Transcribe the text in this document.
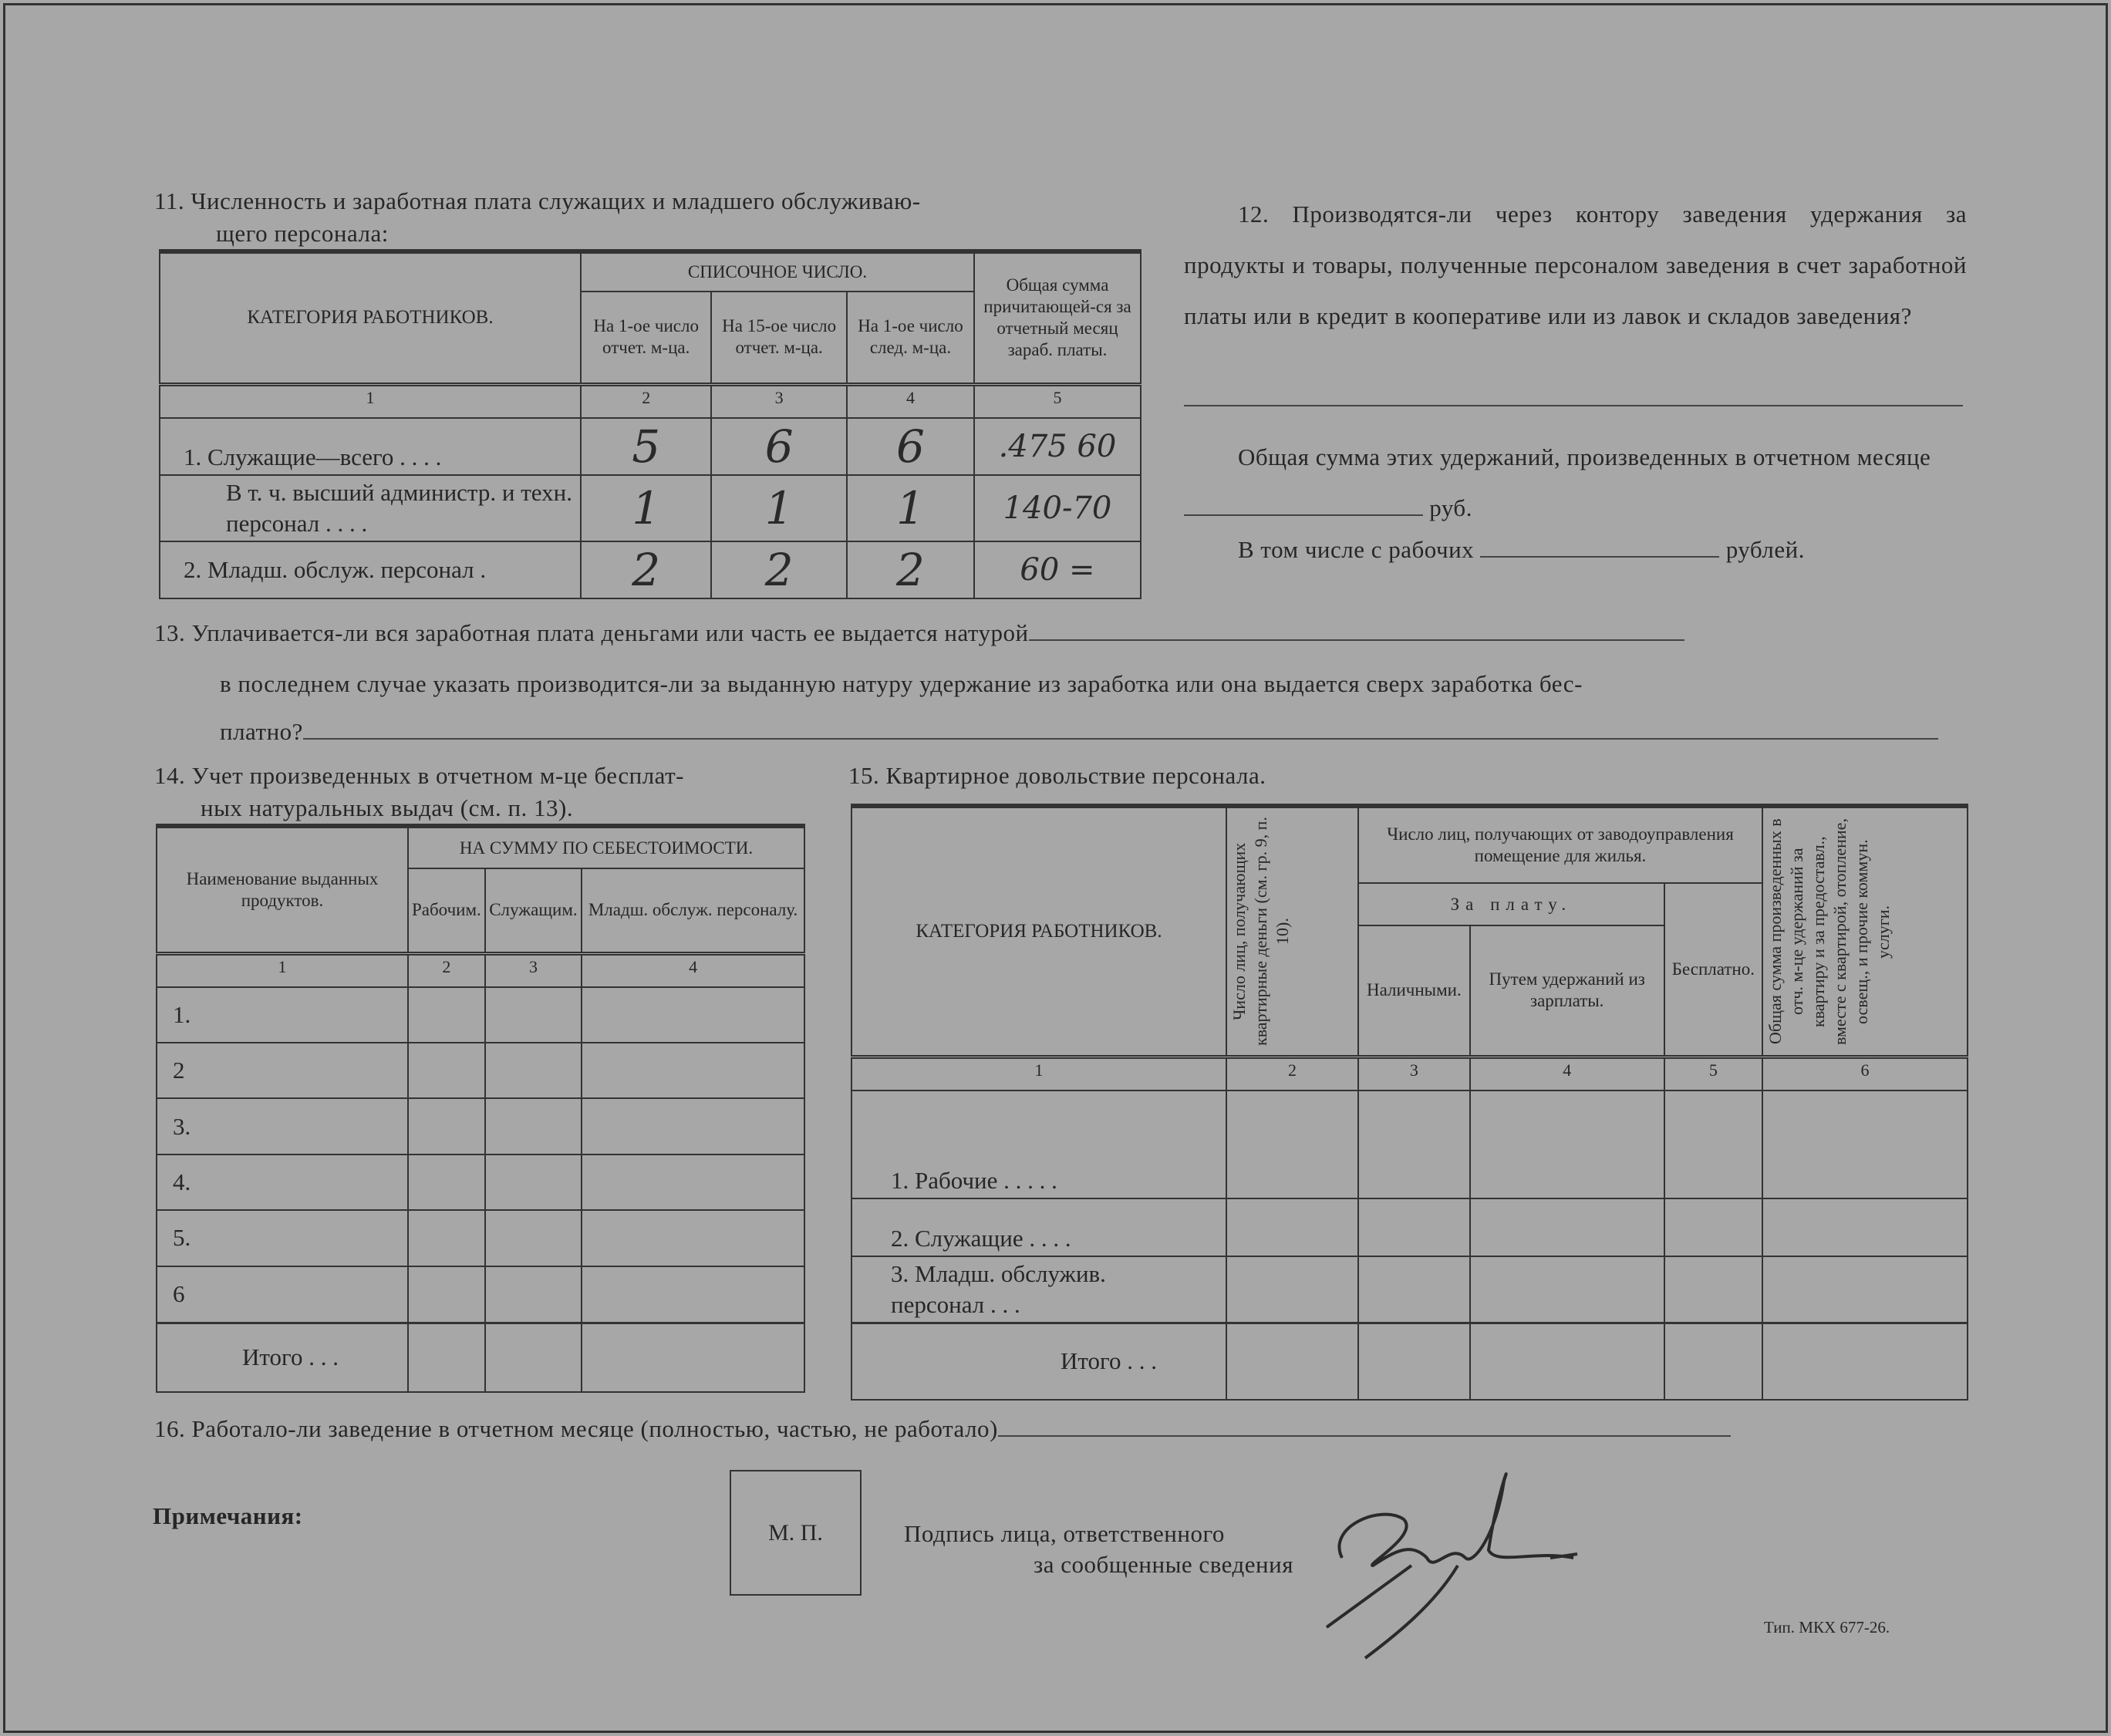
11. Численность и заработная плата служащих и младшего обслуживаю-
щего персонала:
КАТЕГОРИЯ РАБОТНИКОВ.	СПИСОЧНОЕ ЧИСЛО.			Общая сумма причитающей-ся за отчетный месяц зараб. платы.
	На 1-ое число отчет. м-ца.	На 15-ое число отчет. м-ца.	На 1-ое число след. м-ца.	
1	2	3	4	5
1. Служащие—всего . . . .	5	6	6	.475 60
В т. ч. высший администр. и техн. персонал . . . .	1	1	1	140-70
2. Младш. обслуж. персонал .	2	2	2	60 =
12. Производятся-ли через контору заведения удержания за продукты и товары, полученные персоналом заведения в счет заработной платы или в кредит в кооперативе или из лавок и складов заведения?
Общая сумма этих удержаний, произведенных в отчетном месяце  руб.
В том числе с рабочих	рублей.
13. Уплачивается-ли вся заработная плата деньгами или часть ее выдается натурой
в последнем случае указать производится-ли за выданную натуру удержание из заработка или она выдается сверх заработка бес-
платно?
14. Учет произведенных в отчетном м-це бесплат-
ных натуральных выдач (см. п. 13).
Наименование выданных продуктов.	НА СУММУ ПО СЕБЕСТОИМОСТИ.		
	Рабочим.	Служащим.	Младш. обслуж. персоналу.
1	2	3	4
1.			
2			
3.			
4.			
5.			
6			
Итого . . .			
15. Квартирное довольствие персонала.
КАТЕГОРИЯ РАБОТНИКОВ.	Число лиц, получающих квартирные деньги (см. гр. 9, п. 10).	Число лиц, получающих от заводоуправления помещение для жилья.			Общая сумма произведенных в отч. м-це удержаний за квартиру и за предоставл., вместе с квартирой, отопление, освещ., и прочие коммун. услуги.

		За плату.		Бесплатно.	
		Наличными.	Путем удержаний из зарплаты.		
1	2	3	4	5	6
1. Рабочие . . . . .					
2. Служащие . . . .					
3. Младш. обслужив. персонал . . .					
Итого . . .					
16. Работало-ли заведение в отчетном месяце (полностью, частью, не работало)
Примечания:
М. П.	Подпись лица, ответственного
за сообщенные сведения
Тип. МКХ 677-26.
